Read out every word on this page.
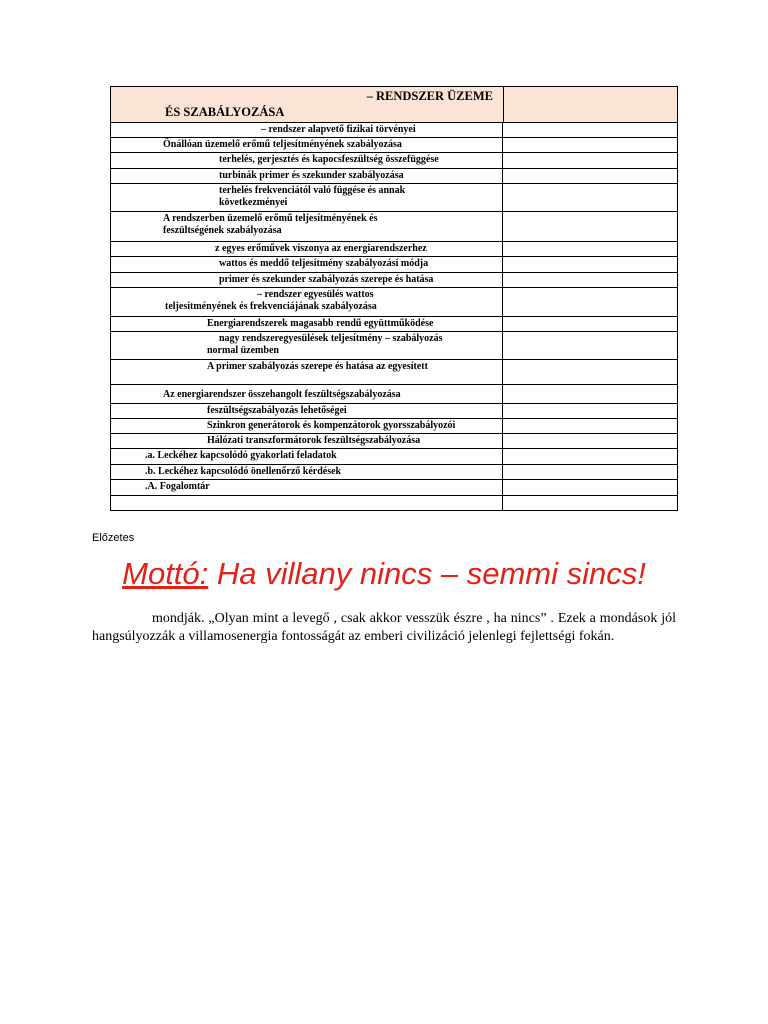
– RENDSZER ÜZEME
ÉS SZABÁLYOZÁSA
– rendszer alapvető fizikai törvényei
Önállóan üzemelő erőmű teljesítményének szabályozása
terhelés, gerjesztés és kapocsfeszültség összefüggése
turbinák primer és szekunder szabályozása
terhelés frekvenciától való függése és annak
következményei
A rendszerben üzemelő erőmű teljesítményének és
feszültségének szabályozása
z egyes erőművek viszonya az energiarendszerhez
wattos és meddő teljesítmény szabályozási módja
primer és szekunder szabályozás szerepe és hatása
– rendszer egyesülés wattos
teljesítményének és frekvenciájának szabályozása
Energiarendszerek magasabb rendű együttműködése
nagy rendszeregyesülések teljesítmény – szabályozás
normal üzemben
A primer szabályozás szerepe és hatása az egyesített
Az energiarendszer összehangolt feszültségszabályozása
feszültségszabályozás lehetőségei
Szinkron generátorok és kompenzátorok gyorsszabályozói
Hálózati transzformátorok feszültségszabályozása
.a. Leckéhez kapcsolódó gyakorlati feladatok
.b. Leckéhez kapcsolódó önellenőrző kérdések
.A. Fogalomtár
Előzetes
Mottó: Ha villany nincs – semmi sincs!
mondják. „Olyan mint a levegő , csak akkor vesszük észre , ha nincs” . Ezek a mondások jól hangsúlyozzák a villamosenergia fontosságát az emberi civilizáció jelenlegi fejlettségi fokán.
